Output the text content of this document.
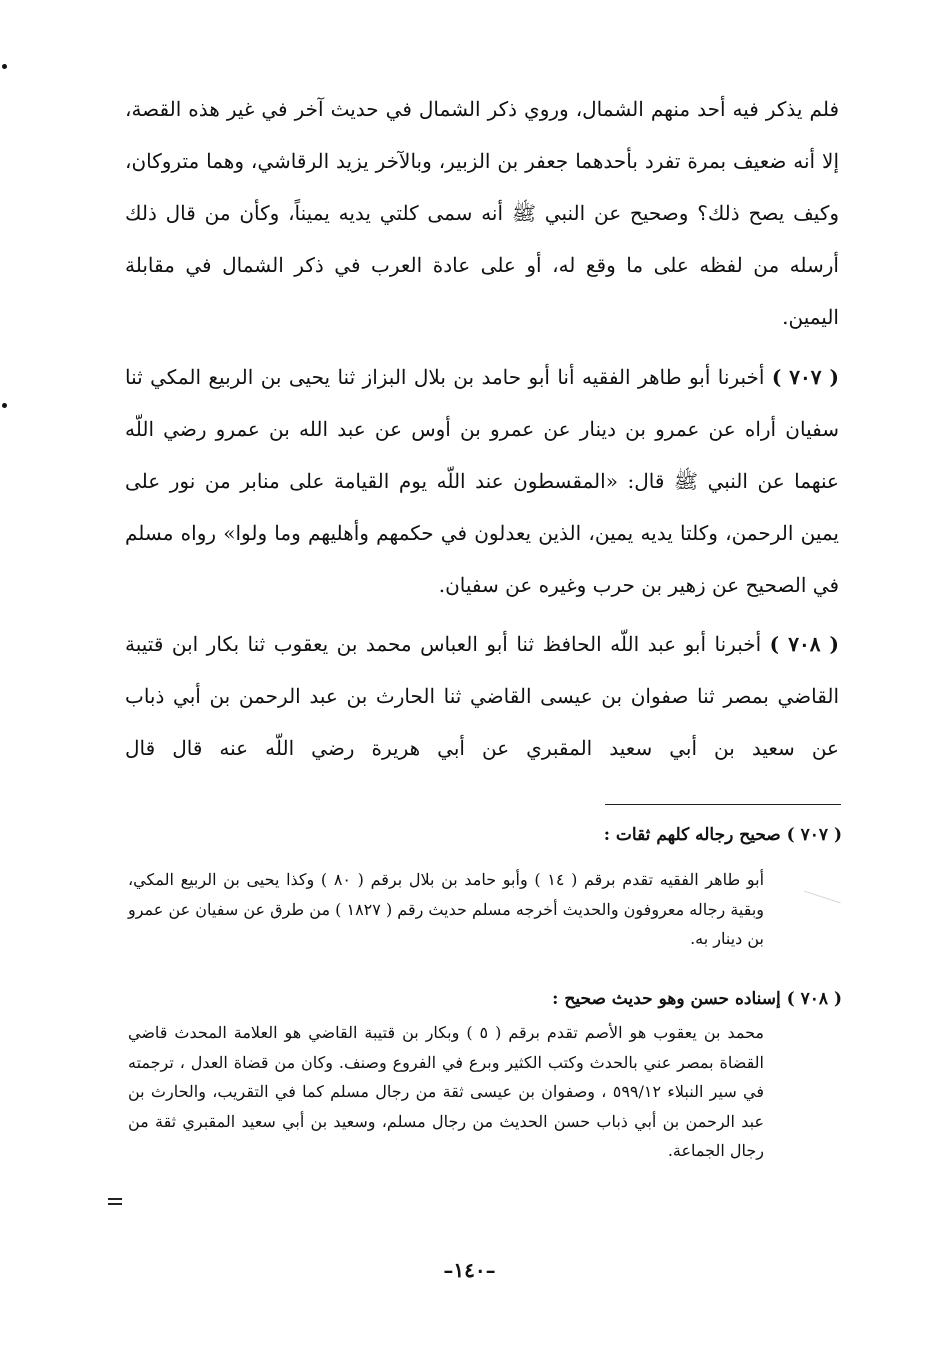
فلم يذكر فيه أحد منهم الشمال، وروي ذكر الشمال في حديث آخر في غير هذه القصة، إلا أنه ضعيف بمرة تفرد بأحدهما جعفر بن الزبير، وبالآخر يزيد الرقاشي، وهما متروكان، وكيف يصح ذلك؟ وصحيح عن النبي ﷺ أنه سمى كلتي يديه يميناً، وكأن من قال ذلك أرسله من لفظه على ما وقع له، أو على عادة العرب في ذكر الشمال في مقابلة اليمين.

( ٧٠٧ ) أخبرنا أبو طاهر الفقيه أنا أبو حامد بن بلال البزاز ثنا يحيى بن الربيع المكي ثنا سفيان أراه عن عمرو بن دينار عن عمرو بن أوس عن عبد الله بن عمرو رضي اللّه عنهما عن النبي ﷺ قال: «المقسطون عند اللّه يوم القيامة على منابر من نور على يمين الرحمن، وكلتا يديه يمين، الذين يعدلون في حكمهم وأهليهم وما ولوا» رواه مسلم في الصحيح عن زهير بن حرب وغيره عن سفيان.

( ٧٠٨ ) أخبرنا أبو عبد اللّه الحافظ ثنا أبو العباس محمد بن يعقوب ثنا بكار ابن قتيبة القاضي بمصر ثنا صفوان بن عيسى القاضي ثنا الحارث بن عبد الرحمن بن أبي ذباب عن سعيد بن أبي سعيد المقبري عن أبي هريرة رضي اللّه عنه قال قال

( ٧٠٧ ) صحيح رجاله كلهم ثقات :

أبو طاهر الفقيه تقدم برقم ( ١٤ ) وأبو حامد بن بلال برقم ( ٨٠ ) وكذا يحيى بن الربيع المكي، وبقية رجاله معروفون والحديث أخرجه مسلم حديث رقم ( ١٨٢٧ ) من طرق عن سفيان عن عمرو بن دينار به.

( ٧٠٨ ) إسناده حسن وهو حديث صحيح :

محمد بن يعقوب هو الأصم تقدم برقم ( ٥ ) وبكار بن قتيبة القاضي هو العلامة المحدث قاضي القضاة بمصر عني بالحدث وكتب الكثير وبرع في الفروع وصنف. وكان من قضاة العدل ، ترجمته في سير النبلاء ٥٩٩/١٢ ، وصفوان بن عيسى ثقة من رجال مسلم كما في التقريب، والحارث بن عبد الرحمن بن أبي ذباب حسن الحديث من رجال مسلم، وسعيد بن أبي سعيد المقبري ثقة من رجال الجماعة.

–١٤٠–
